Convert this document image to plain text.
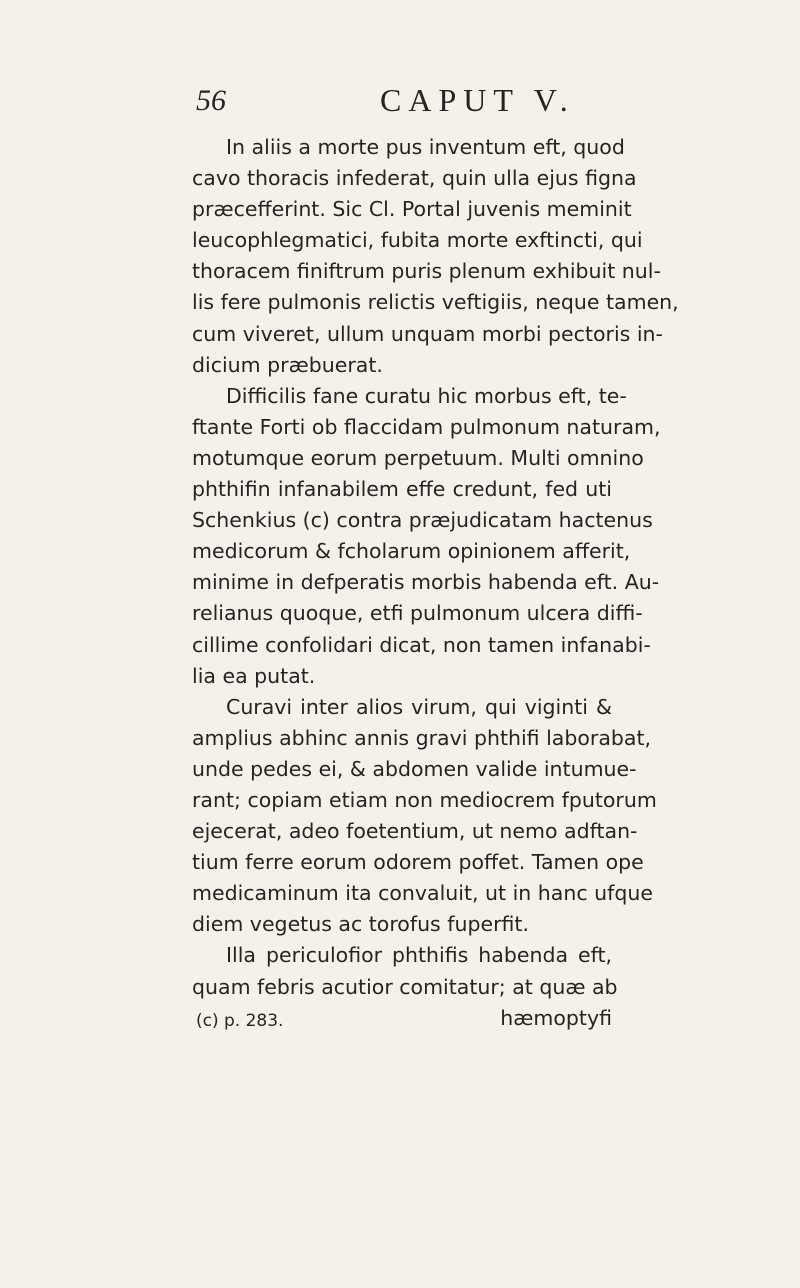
56	CAPUT V.
In aliis a morte pus inventum eft, quod
cavo thoracis infederat, quin ulla ejus figna
præcefferint. Sic Cl. Portal juvenis meminit
leucophlegmatici, fubita morte exftincti, qui
thoracem finiftrum puris plenum exhibuit nul-
lis fere pulmonis relictis veftigiis, neque tamen,
cum viveret, ullum unquam morbi pectoris in-
dicium præbuerat.
Difficilis fane curatu hic morbus eft, te-
ftante Forti ob flaccidam pulmonum naturam,
motumque eorum perpetuum. Multi omnino
phthifin infanabilem effe credunt, fed uti
Schenkius (c) contra præjudicatam hactenus
medicorum & fcholarum opinionem afferit,
minime in defperatis morbis habenda eft. Au-
relianus quoque, etfi pulmonum ulcera diffi-
cillime confolidari dicat, non tamen infanabi-
lia ea putat.
Curavi inter alios virum, qui viginti &
amplius abhinc annis gravi phthifi laborabat,
unde pedes ei, & abdomen valide intumue-
rant; copiam etiam non mediocrem fputorum
ejecerat, adeo foetentium, ut nemo adftan-
tium ferre eorum odorem poffet. Tamen ope
medicaminum ita convaluit, ut in hanc ufque
diem vegetus ac torofus fuperfit.
Illa periculofior phthifis habenda eft,
quam febris acutior comitatur; at quæ ab
hæmoptyfi
(c) p. 283.
